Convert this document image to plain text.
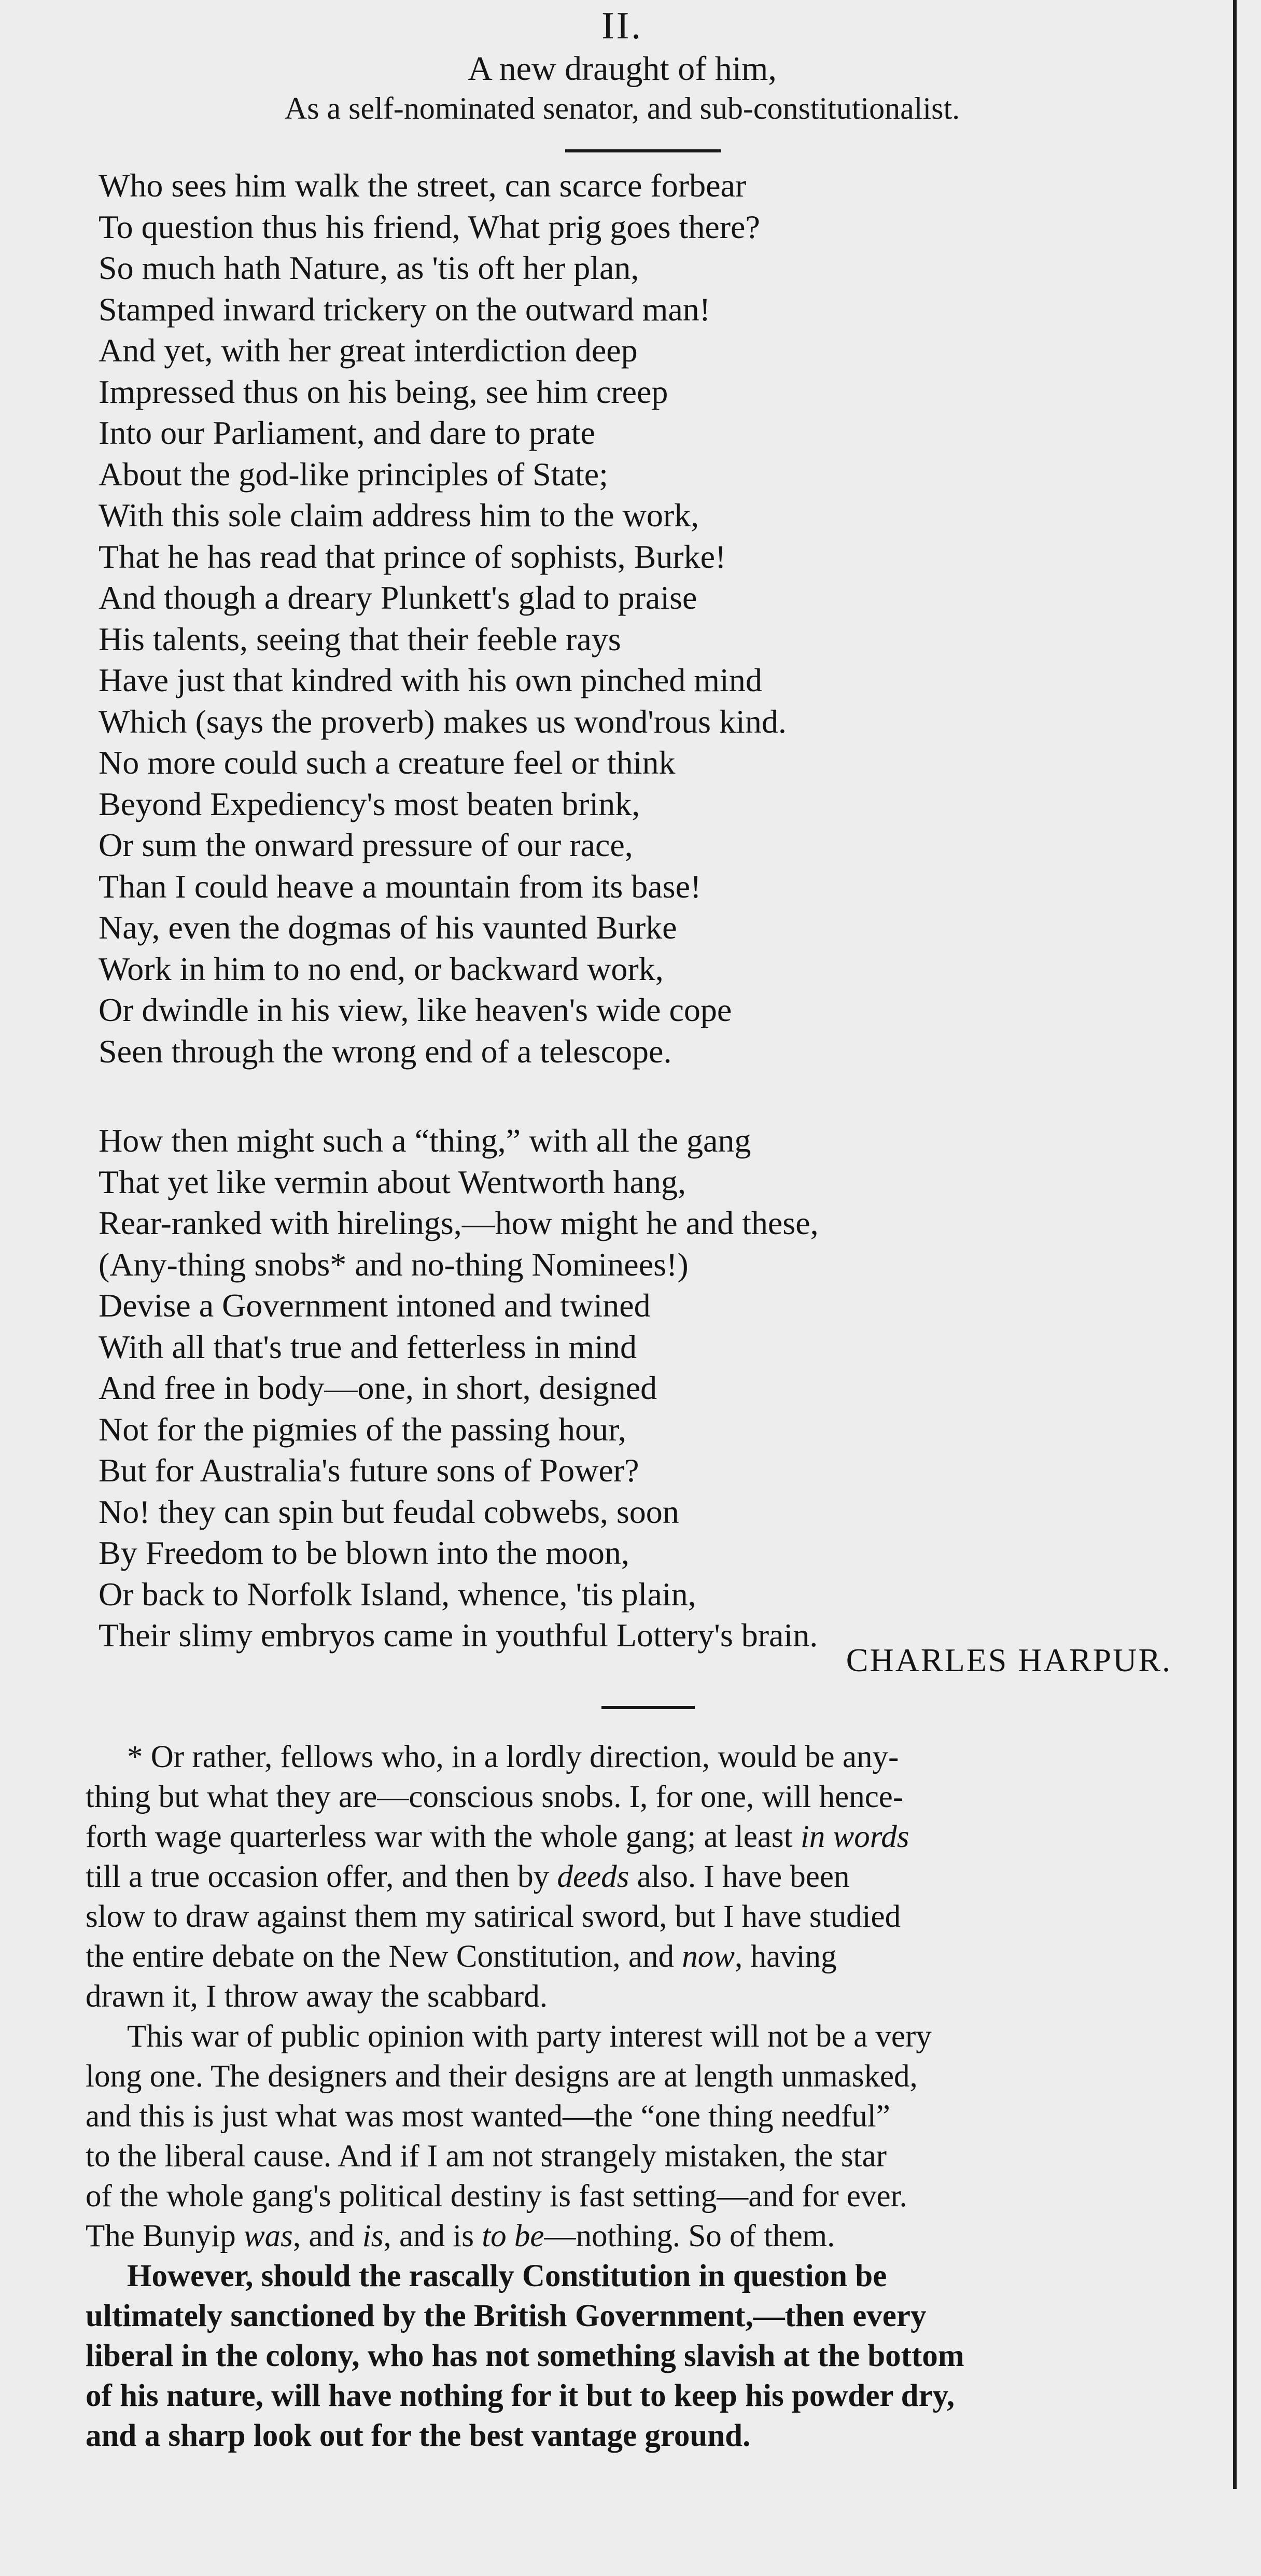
II.
A new draught of him,
As a self-nominated senator, and sub-constitutionalist.
Who sees him walk the street, can scarce forbear
To question thus his friend, What prig goes there?
So much hath Nature, as 'tis oft her plan,
Stamped inward trickery on the outward man!
And yet, with her great interdiction deep
Impressed thus on his being, see him creep
Into our Parliament, and dare to prate
About the god-like principles of State;
With this sole claim address him to the work,
That he has read that prince of sophists, Burke!
And though a dreary Plunkett's glad to praise
His talents, seeing that their feeble rays
Have just that kindred with his own pinched mind
Which (says the proverb) makes us wond'rous kind.
No more could such a creature feel or think
Beyond Expediency's most beaten brink,
Or sum the onward pressure of our race,
Than I could heave a mountain from its base!
Nay, even the dogmas of his vaunted Burke
Work in him to no end, or backward work,
Or dwindle in his view, like heaven's wide cope
Seen through the wrong end of a telescope.
How then might such a “thing,” with all the gang
That yet like vermin about Wentworth hang,
Rear-ranked with hirelings,—how might he and these,
(Any-thing snobs* and no-thing Nominees!)
Devise a Government intoned and twined
With all that's true and fetterless in mind
And free in body—one, in short, designed
Not for the pigmies of the passing hour,
But for Australia's future sons of Power?
No! they can spin but feudal cobwebs, soon
By Freedom to be blown into the moon,
Or back to Norfolk Island, whence, 'tis plain,
Their slimy embryos came in youthful Lottery's brain.
CHARLES HARPUR.
* Or rather, fellows who, in a lordly direction, would be any-
thing but what they are—conscious snobs. I, for one, will hence-
forth wage quarterless war with the whole gang; at least in words
till a true occasion offer, and then by deeds also. I have been
slow to draw against them my satirical sword, but I have studied
the entire debate on the New Constitution, and now, having
drawn it, I throw away the scabbard.
This war of public opinion with party interest will not be a very
long one. The designers and their designs are at length unmasked,
and this is just what was most wanted—the “one thing needful”
to the liberal cause. And if I am not strangely mistaken, the star
of the whole gang's political destiny is fast setting—and for ever.
The Bunyip was, and is, and is to be—nothing. So of them.
However, should the rascally Constitution in question be
ultimately sanctioned by the British Government,—then every
liberal in the colony, who has not something slavish at the bottom
of his nature, will have nothing for it but to keep his powder dry,
and a sharp look out for the best vantage ground.
